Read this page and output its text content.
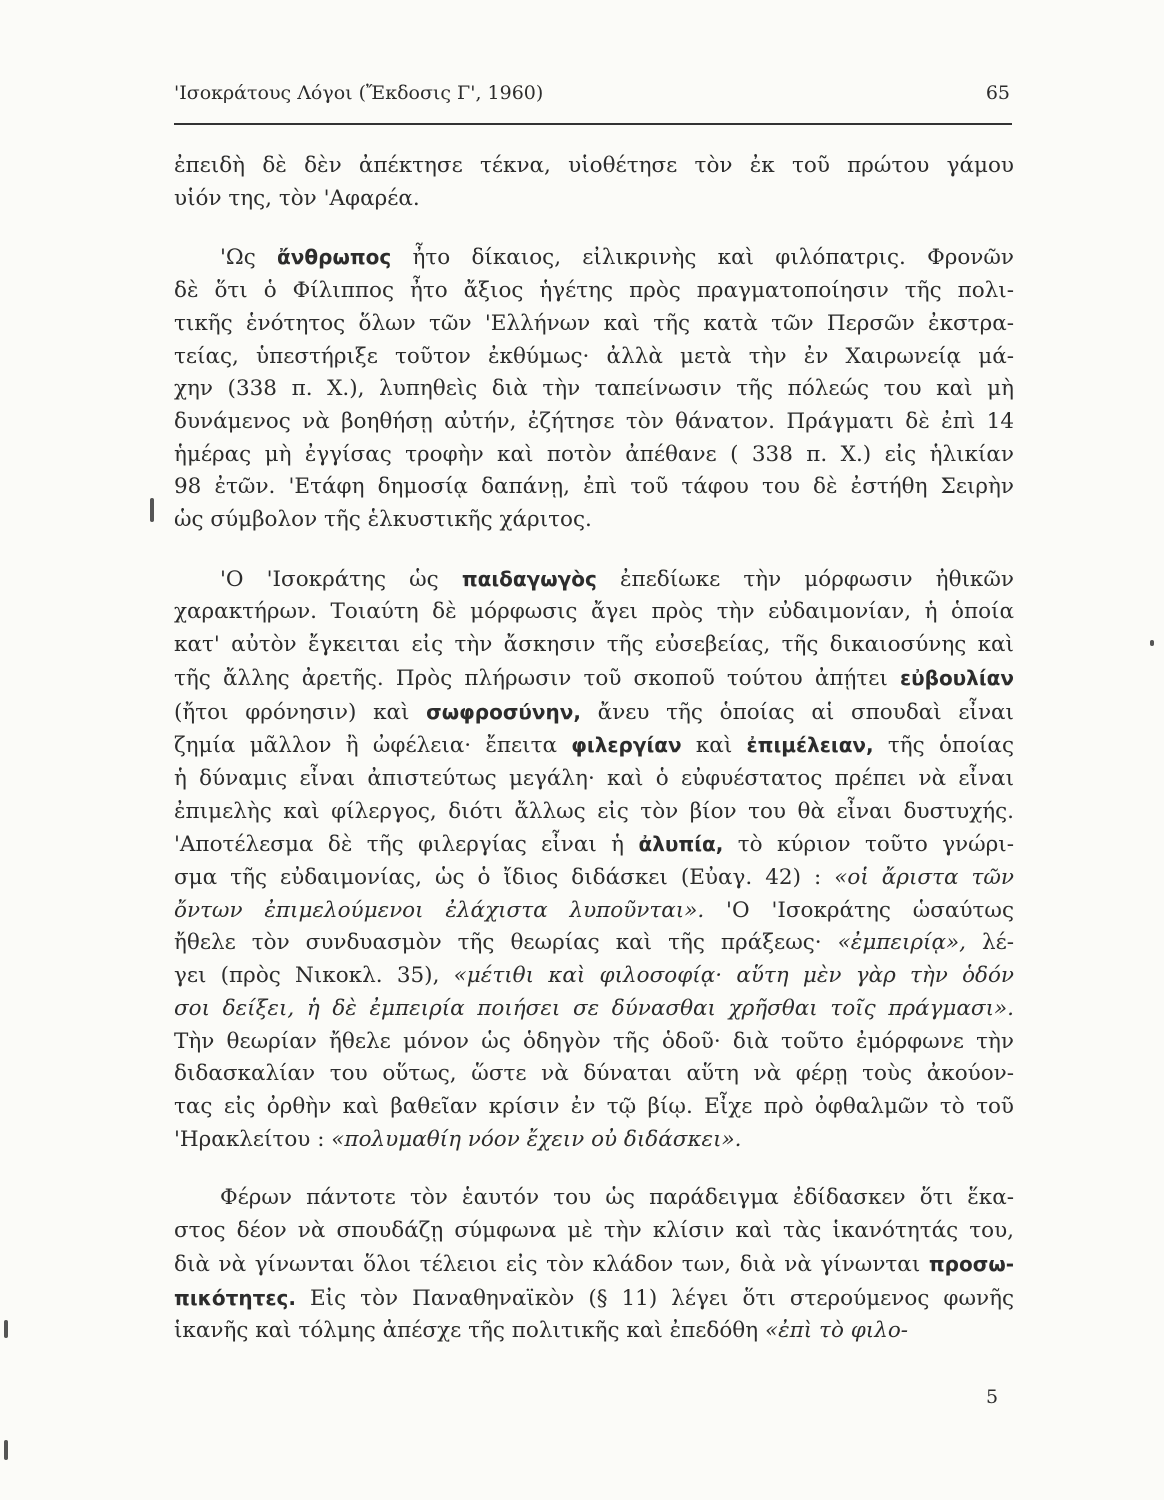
'Ισοκράτους Λόγοι (Ἔκδοσις Γ', 1960)	65
ἐπειδὴ δὲ δὲν ἀπέκτησε τέκνα, υἱοθέτησε τὸν ἐκ τοῦ πρώτου γάμου
υἱόν της, τὸν 'Αφαρέα.
'Ως ἄνθρωπος ἦτο δίκαιος, εἰλικρινὴς καὶ φιλόπατρις. Φρονῶν
δὲ ὅτι ὁ Φίλιππος ἦτο ἄξιος ἡγέτης πρὸς πραγματοποίησιν τῆς πολι-
τικῆς ἑνότητος ὅλων τῶν 'Ελλήνων καὶ τῆς κατὰ τῶν Περσῶν ἐκστρα-
τείας, ὑπεστήριξε τοῦτον ἐκθύμως· ἀλλὰ μετὰ τὴν ἐν Χαιρωνείᾳ μά-
χην (338 π. Χ.), λυπηθεὶς διὰ τὴν ταπείνωσιν τῆς πόλεώς του καὶ μὴ
δυνάμενος νὰ βοηθήσῃ αὐτήν, ἐζήτησε τὸν θάνατον. Πράγματι δὲ ἐπὶ 14
ἡμέρας μὴ ἐγγίσας τροφὴν καὶ ποτὸν ἀπέθανε ( 338 π. Χ.) εἰς ἡλικίαν
98 ἐτῶν. 'Ετάφη δημοσίᾳ δαπάνῃ, ἐπὶ τοῦ τάφου του δὲ ἐστήθη Σειρὴν
ὡς σύμβολον τῆς ἑλκυστικῆς χάριτος.
'Ο 'Ισοκράτης ὡς παιδαγωγὸς ἐπεδίωκε τὴν μόρφωσιν ἠθικῶν
χαρακτήρων. Τοιαύτη δὲ μόρφωσις ἄγει πρὸς τὴν εὐδαιμονίαν, ἡ ὁποία
κατ' αὐτὸν ἔγκειται εἰς τὴν ἄσκησιν τῆς εὐσεβείας, τῆς δικαιοσύνης καὶ
τῆς ἄλλης ἀρετῆς. Πρὸς πλήρωσιν τοῦ σκοποῦ τούτου ἀπῄτει εὐβουλίαν
(ἤτοι φρόνησιν) καὶ σωφροσύνην, ἄνευ τῆς ὁποίας αἱ σπουδαὶ εἶναι
ζημία μᾶλλον ἢ ὠφέλεια· ἔπειτα φιλεργίαν καὶ ἐπιμέλειαν, τῆς ὁποίας
ἡ δύναμις εἶναι ἀπιστεύτως μεγάλη· καὶ ὁ εὐφυέστατος πρέπει νὰ εἶναι
ἐπιμελὴς καὶ φίλεργος, διότι ἄλλως εἰς τὸν βίον του θὰ εἶναι δυστυχής.
'Αποτέλεσμα δὲ τῆς φιλεργίας εἶναι ἡ ἀλυπία, τὸ κύριον τοῦτο γνώρι-
σμα τῆς εὐδαιμονίας, ὡς ὁ ἴδιος διδάσκει (Εὐαγ. 42) : «οἱ ἄριστα τῶν
ὄντων ἐπιμελούμενοι ἐλάχιστα λυποῦνται». 'Ο 'Ισοκράτης ὡσαύτως
ἤθελε τὸν συνδυασμὸν τῆς θεωρίας καὶ τῆς πράξεως· «ἐμπειρίᾳ», λέ-
γει (πρὸς Νικοκλ. 35), «μέτιθι καὶ φιλοσοφίᾳ· αὕτη μὲν γὰρ τὴν ὁδόν
σοι δείξει, ἡ δὲ ἐμπειρία ποιήσει σε δύνασθαι χρῆσθαι τοῖς πράγμασι».
Τὴν θεωρίαν ἤθελε μόνον ὡς ὁδηγὸν τῆς ὁδοῦ· διὰ τοῦτο ἐμόρφωνε τὴν
διδασκαλίαν του οὕτως, ὥστε νὰ δύναται αὕτη νὰ φέρῃ τοὺς ἀκούον-
τας εἰς ὀρθὴν καὶ βαθεῖαν κρίσιν ἐν τῷ βίῳ. Εἶχε πρὸ ὀφθαλμῶν τὸ τοῦ
'Ηρακλείτου : «πολυμαθίη νόον ἔχειν οὐ διδάσκει».
Φέρων πάντοτε τὸν ἑαυτόν του ὡς παράδειγμα ἐδίδασκεν ὅτι ἕκα-
στος δέον νὰ σπουδάζῃ σύμφωνα μὲ τὴν κλίσιν καὶ τὰς ἱκανότητάς του,
διὰ νὰ γίνωνται ὅλοι τέλειοι εἰς τὸν κλάδον των, διὰ νὰ γίνωνται προσω-
πικότητες. Εἰς τὸν Παναθηναϊκὸν (§ 11) λέγει ὅτι στερούμενος φωνῆς
ἱκανῆς καὶ τόλμης ἀπέσχε τῆς πολιτικῆς καὶ ἐπεδόθη «ἐπὶ τὸ φιλο-
5
